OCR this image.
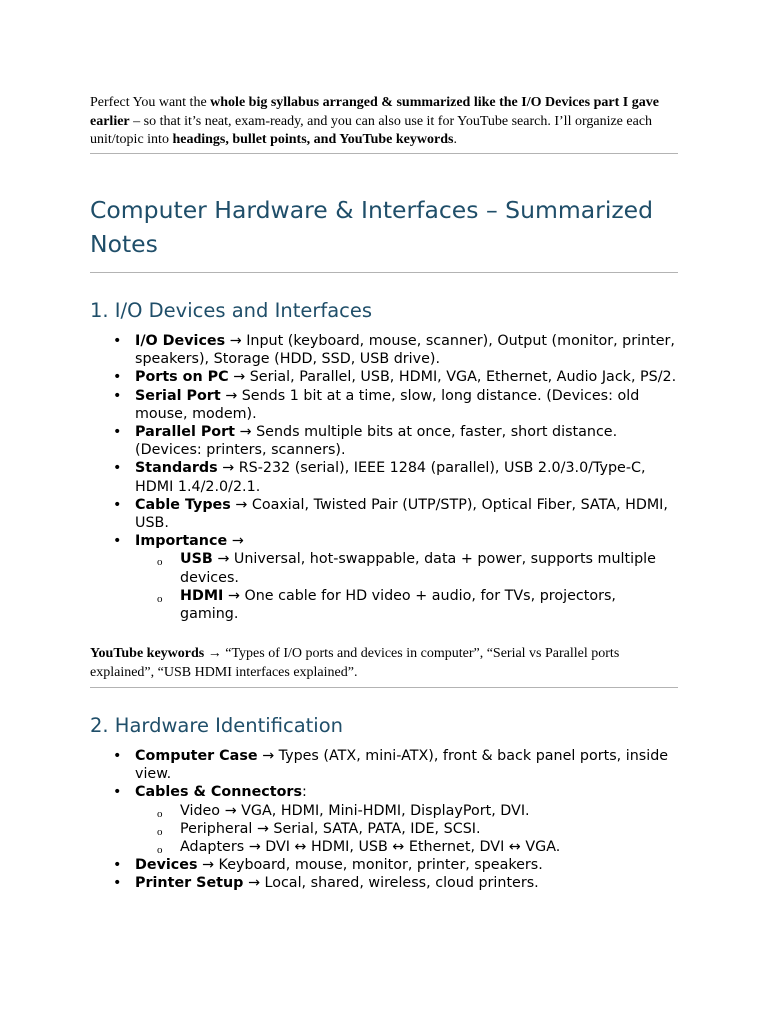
Perfect You want the whole big syllabus arranged & summarized like the I/O Devices part I gave earlier – so that it’s neat, exam-ready, and you can also use it for YouTube search. I’ll organize each unit/topic into headings, bullet points, and YouTube keywords.

Computer Hardware & Interfaces – Summarized Notes
1. I/O Devices and Interfaces
• I/O Devices → Input (keyboard, mouse, scanner), Output (monitor, printer, speakers), Storage (HDD, SSD, USB drive).
• Ports on PC → Serial, Parallel, USB, HDMI, VGA, Ethernet, Audio Jack, PS/2.
• Serial Port → Sends 1 bit at a time, slow, long distance. (Devices: old mouse, modem).
• Parallel Port → Sends multiple bits at once, faster, short distance. (Devices: printers, scanners).
• Standards → RS-232 (serial), IEEE 1284 (parallel), USB 2.0/3.0/Type-C, HDMI 1.4/2.0/2.1.
• Cable Types → Coaxial, Twisted Pair (UTP/STP), Optical Fiber, SATA, HDMI, USB.
• Importance →
o USB → Universal, hot-swappable, data + power, supports multiple devices.
o HDMI → One cable for HD video + audio, for TVs, projectors, gaming.

YouTube keywords → “Types of I/O ports and devices in computer”, “Serial vs Parallel ports explained”, “USB HDMI interfaces explained”.

2. Hardware Identification
• Computer Case → Types (ATX, mini-ATX), front & back panel ports, inside view.
• Cables & Connectors:
o Video → VGA, HDMI, Mini-HDMI, DisplayPort, DVI.
o Peripheral → Serial, SATA, PATA, IDE, SCSI.
o Adapters → DVI ↔ HDMI, USB ↔ Ethernet, DVI ↔ VGA.
• Devices → Keyboard, mouse, monitor, printer, speakers.
• Printer Setup → Local, shared, wireless, cloud printers.
